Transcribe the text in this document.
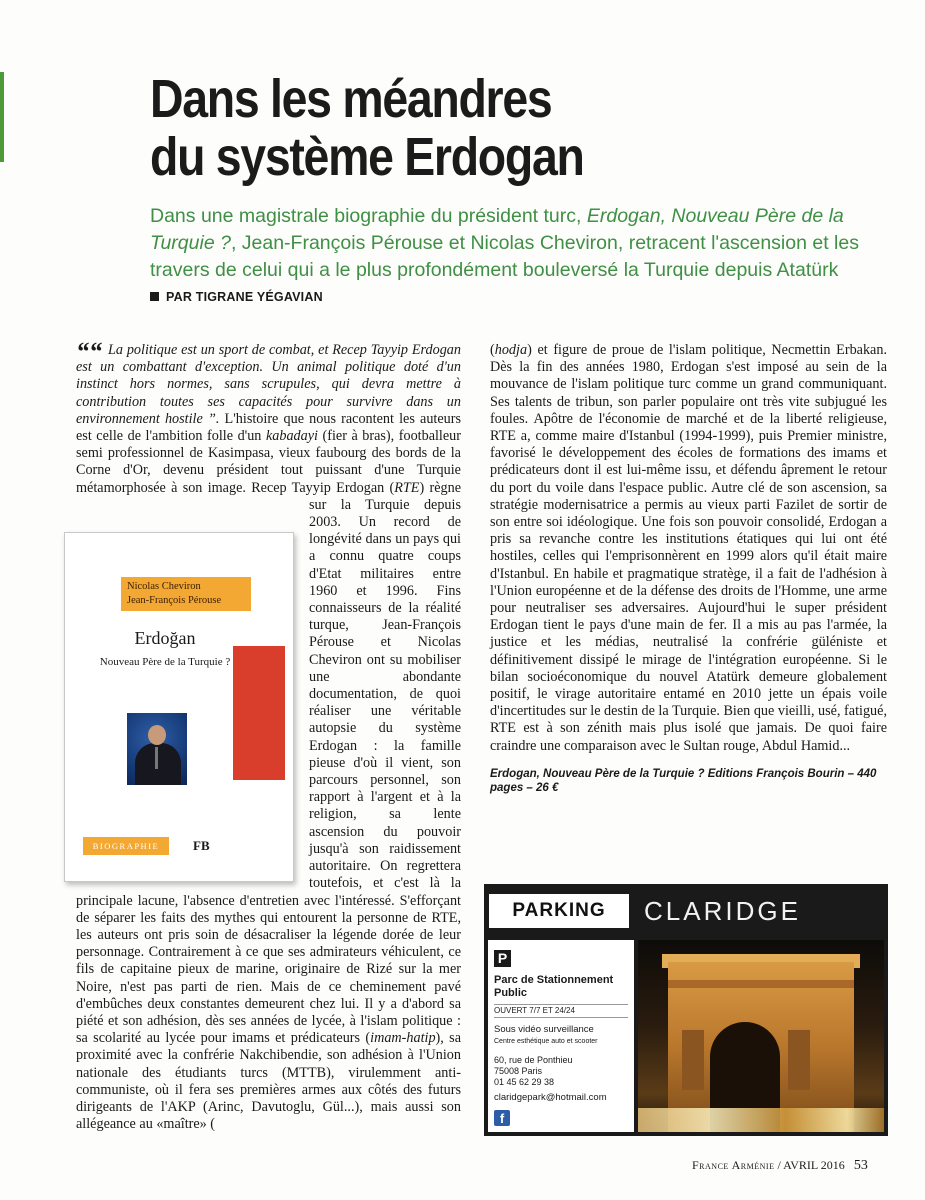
Dans les méandres
du système Erdogan

Dans une magistrale biographie du président turc, Erdogan, Nouveau Père de la Turquie ?, Jean-François Pérouse et Nicolas Cheviron, retracent l'ascension et les travers de celui qui a le plus profondément bouleversé la Turquie depuis Atatürk

PAR TIGRANE YÉGAVIAN

““ La politique est un sport de combat, et Recep Tayyip Erdogan est un combattant d'exception. Un animal politique doté d'un instinct hors normes, sans scrupules, qui devra mettre à contribution toutes ses capacités pour survivre dans un environnement hostile ”. L'histoire que nous racontent les auteurs est celle de l'ambition folle d'un kabadayi (fier à bras), footballeur semi professionnel de Kasimpasa, vieux faubourg des bords de la Corne d'Or, devenu président tout puissant d'une Turquie métamorphosée à son image. Recep Tayyip Erdogan (RTE
) règne sur la Turquie depuis 2003. Un record de longévité dans un pays qui a connu quatre coups d'Etat militaires entre 1960 et 1996. Fins connaisseurs de la réalité turque, Jean-François Pérouse et Nicolas Cheviron ont su mobiliser une abondante documentation, de quoi réaliser une véritable autopsie du système Erdogan : la famille pieuse d'où il vient, son parcours personnel, son rapport à l'argent et à la religion, sa lente ascension du pouvoir jusqu'à son raidissement autoritaire. On regrettera toutefois, et c'est là la principale lacune, l'absence d'entretien avec l'intéressé. S'efforçant de séparer les faits des mythes qui entourent la personne de RTE, les auteurs ont pris soin de désacraliser la légende dorée de leur personnage. Contrairement à ce que ses admirateurs véhiculent, ce fils de capitaine pieux de marine, originaire de Rizé sur la mer Noire, n'est pas parti de rien. Mais de ce cheminement pavé d'embûches deux constantes demeurent chez lui. Il y a d'abord sa piété et son adhésion, dès ses années de lycée, à l'islam politique : sa scolarité au lycée pour imams et prédicateurs (imam-hatip), sa proximité avec la confrérie Nakchibendie, son adhésion à l'Union nationale des étudiants turcs (MTTB), virulemment anti-communiste, où il fera ses premières armes aux côtés des futurs dirigeants de l'AKP (Arinc, Davutoglu, Gül...), mais aussi son allégeance au «maître» (

(hodja) et figure de proue de l'islam politique, Necmettin Erbakan. Dès la fin des années 1980, Erdogan s'est imposé au sein de la mouvance de l'islam politique turc comme un grand communiquant. Ses talents de tribun, son parler populaire ont très vite subjugué les foules. Apôtre de l'économie de marché et de la liberté religieuse, RTE a, comme maire d'Istanbul (1994-1999), puis Premier ministre, favorisé le développement des écoles de formations des imams et prédicateurs dont il est lui-même issu, et défendu âprement le retour du port du voile dans l'espace public. Autre clé de son ascension, sa stratégie modernisatrice a permis au vieux parti Fazilet de sortir de son entre soi idéologique. Une fois son pouvoir consolidé, Erdogan a pris sa revanche contre les institutions étatiques qui lui ont été hostiles, celles qui l'emprisonnèrent en 1999 alors qu'il était maire d'Istanbul. En habile et pragmatique stratège, il a fait de l'adhésion à l'Union européenne et de la défense des droits de l'Homme, une arme pour neutraliser ses adversaires. Aujourd'hui le super président Erdogan tient le pays d'une main de fer. Il a mis au pas l'armée, la justice et les médias, neutralisé la confrérie güléniste et définitivement dissipé le mirage de l'intégration européenne. Si le bilan socioéconomique du nouvel Atatürk demeure globalement positif, le virage autoritaire entamé en 2010 jette un épais voile d'incertitudes sur le destin de la Turquie. Bien que vieilli, usé, fatigué, RTE est à son zénith mais plus isolé que jamais. De quoi faire craindre une comparaison avec le Sultan rouge, Abdul Hamid...

Erdogan, Nouveau Père de la Turquie ? Editions François Bourin – 440 pages – 26 €

Nicolas Cheviron
Jean-François Pérouse
Erdoğan
Nouveau Père de la Turquie ?
BIOGRAPHIE	FB
PARKING	CLARIDGE
P
Parc de Stationnement Public
OUVERT 7/7 ET 24/24
Sous vidéo surveillance
Centre esthétique auto et scooter
60, rue de Ponthieu
75008 Paris
01 45 62 29 38
claridgepark@hotmail.com
f
France Arménie / AVRIL 2016 53
